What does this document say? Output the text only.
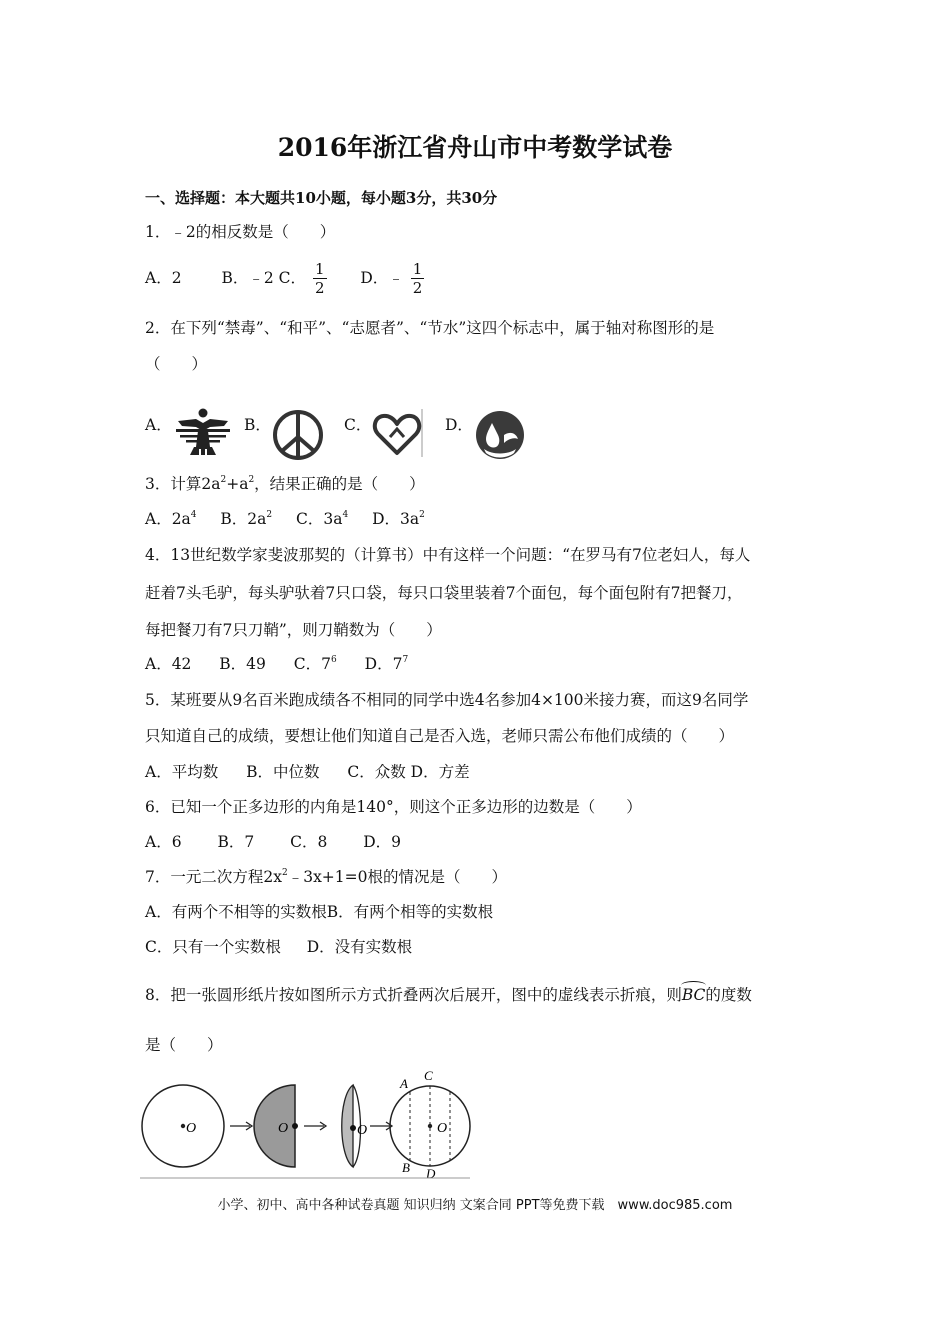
2016年浙江省舟山市中考数学试卷
一、选择题：本大题共10小题，每小题3分，共30分
1．﹣2的相反数是（　　）
A．2	B．﹣2 C． $\frac{1}{2}$ D．﹣ $\frac{1}{2}$
2．在下列“禁毒”、“和平”、“志愿者”、“节水”这四个标志中，属于轴对称图形的是
（　　）
A．	B．	C．	D．
3．计算$2a^2+a^2$，结果正确的是（　　）
A．$2a^4$ B．$2a^2$ C．$3a^4$ D．$3a^2$
4．13世纪数学家斐波那契的（计算书）中有这样一个问题：“在罗马有7位老妇人，每人
赶着7头毛驴，每头驴驮着7只口袋，每只口袋里装着7个面包，每个面包附有7把餐刀，
每把餐刀有7只刀鞘”，则刀鞘数为（　　）
A．42 B．49 C．$7^6$ D．$7^7$
5．某班要从9名百米跑成绩各不相同的同学中选4名参加4×100米接力赛，而这9名同学
只知道自己的成绩，要想让他们知道自己是否入选，老师只需公布他们成绩的（　　）
A．平均数 B．中位数 C．众数 D．方差
6．已知一个正多边形的内角是140°，则这个正多边形的边数是（　　）
A．6 B．7 C．8 D．9
7．一元二次方程$2x^2﹣3x+1=0$根的情况是（　　）
A．有两个不相等的实数根B．有两个相等的实数根
C．只有一个实数根 D．没有实数根
8．把一张圆形纸片按如图所示方式折叠两次后展开，图中的虚线表示折痕，则BC的度数
是（　　）
O	O	O	O
A
C
B D
小学、初中、高中各种试卷真题 知识归纳 文案合同 PPT等免费下载　www.doc985.com
